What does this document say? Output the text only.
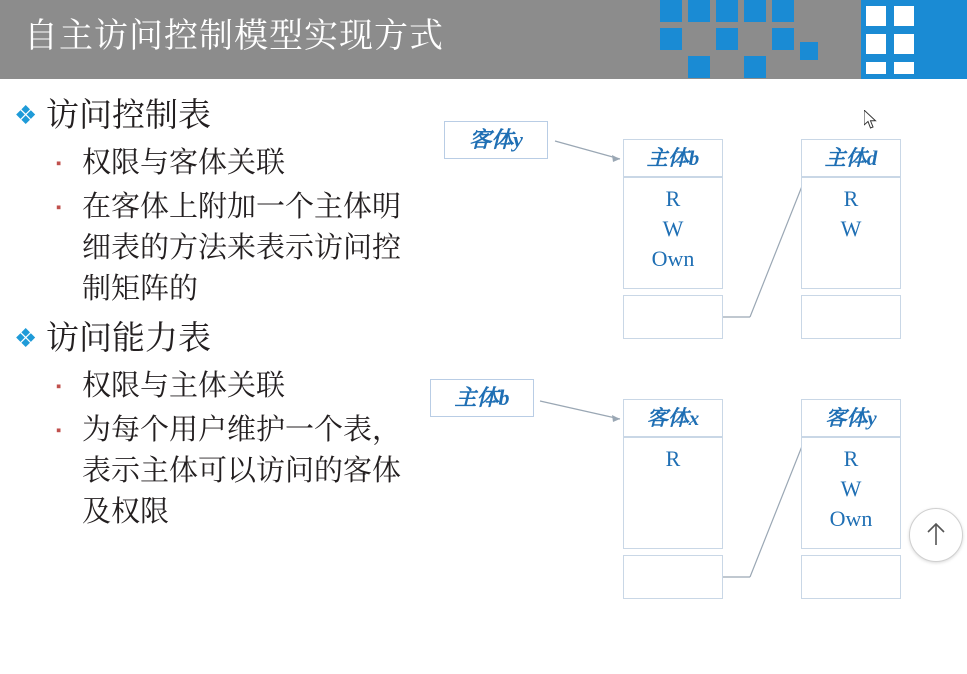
自主访问控制模型实现方式
❖ 访问控制表
▪ 权限与客体关联
▪ 在客体上附加一个主体明细表的方法来表示访问控制矩阵的
❖ 访问能力表
▪ 权限与主体关联
▪ 为每个用户维护一个表，表示主体可以访问的客体及权限
客体y
主体b
R
W
Own
主体d
R
W
主体b
客体x
R
客体y
R
W
Own
